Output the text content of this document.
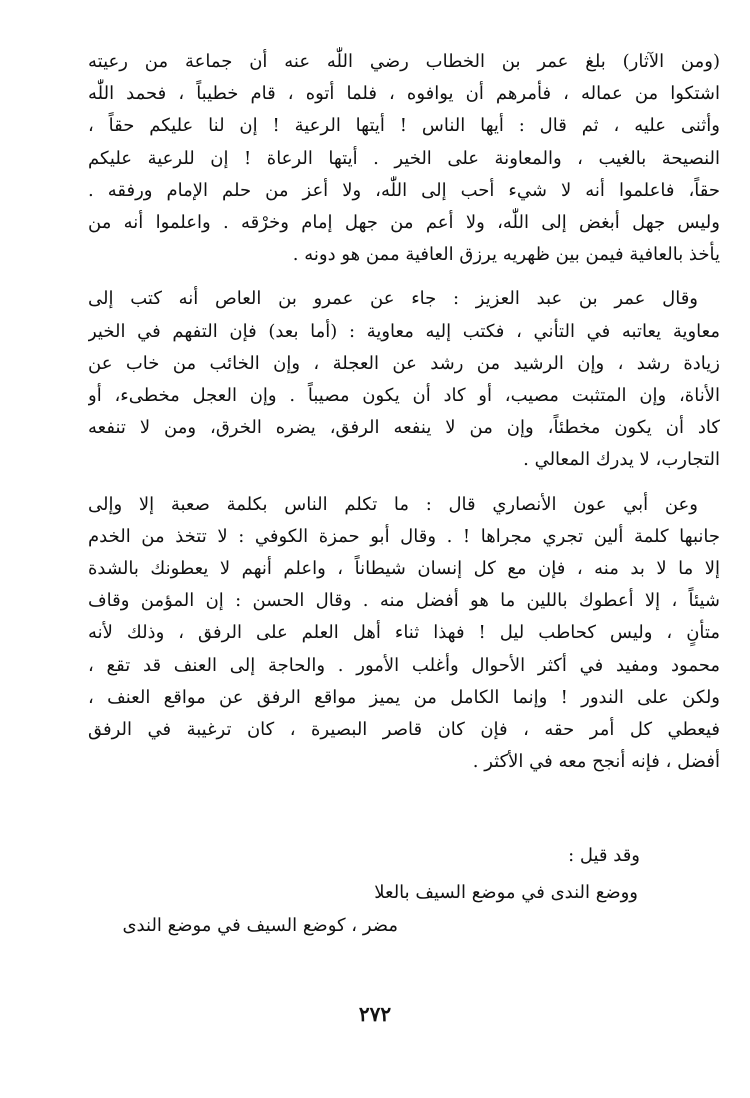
(ومن الآثار) بلغ عمر بن الخطاب رضي اللّٰه عنه أن جماعة من رعيته
اشتكوا من عماله ، فأمرهم أن يوافوه ، فلما أتوه ، قام خطيباً ، فحمد اللّٰه
وأثنى عليه ، ثم قال : أيها الناس ! أيتها الرعية ! إن لنا عليكم حقاً ،
النصيحة بالغيب ، والمعاونة على الخير . أيتها الرعاة ! إن للرعية عليكم
حقاً، فاعلموا أنه لا شيء أحب إلى اللّٰه، ولا أعز من حلم الإمام ورفقه .
وليس جهل أبغض إلى اللّٰه، ولا أعم من جهل إمام وخرْقه . واعلموا أنه من
يأخذ بالعافية فيمن بين ظهريه يرزق العافية ممن هو دونه .

وقال عمر بن عبد العزيز : جاء عن عمرو بن العاص أنه كتب إلى
معاوية يعاتبه في التأني ، فكتب إليه معاوية : (أما بعد) فإن التفهم في الخير
زيادة رشد ، وإن الرشيد من رشد عن العجلة ، وإن الخائب من خاب عن
الأناة، وإن المتثبت مصيب، أو كاد أن يكون مصيباً . وإن العجل مخطىء، أو
كاد أن يكون مخطئاً، وإن من لا ينفعه الرفق، يضره الخرق، ومن لا تنفعه
التجارب، لا يدرك المعالي .

وعن أبي عون الأنصاري قال : ما تكلم الناس بكلمة صعبة إلا وإلى
جانبها كلمة ألين تجري مجراها ! . وقال أبو حمزة الكوفي : لا تتخذ من الخدم
إلا ما لا بد منه ، فإن مع كل إنسان شيطاناً ، واعلم أنهم لا يعطونك بالشدة
شيئاً ، إلا أعطوك باللين ما هو أفضل منه . وقال الحسن : إن المؤمن وقاف
متأنٍ ، وليس كحاطب ليل ! فهذا ثناء أهل العلم على الرفق ، وذلك لأنه
محمود ومفيد في أكثر الأحوال وأغلب الأمور . والحاجة إلى العنف قد تقع ،
ولكن على الندور ! وإنما الكامل من يميز مواقع الرفق عن مواقع العنف ،
فيعطي كل أمر حقه ، فإن كان قاصر البصيرة ، كان ترغيبة في الرفق
أفضل ، فإنه أنجح معه في الأكثر .

وقد قيل :
ووضع الندى في موضع السيف بالعلا
مضر ، كوضع السيف في موضع الندى
٢٧٢
